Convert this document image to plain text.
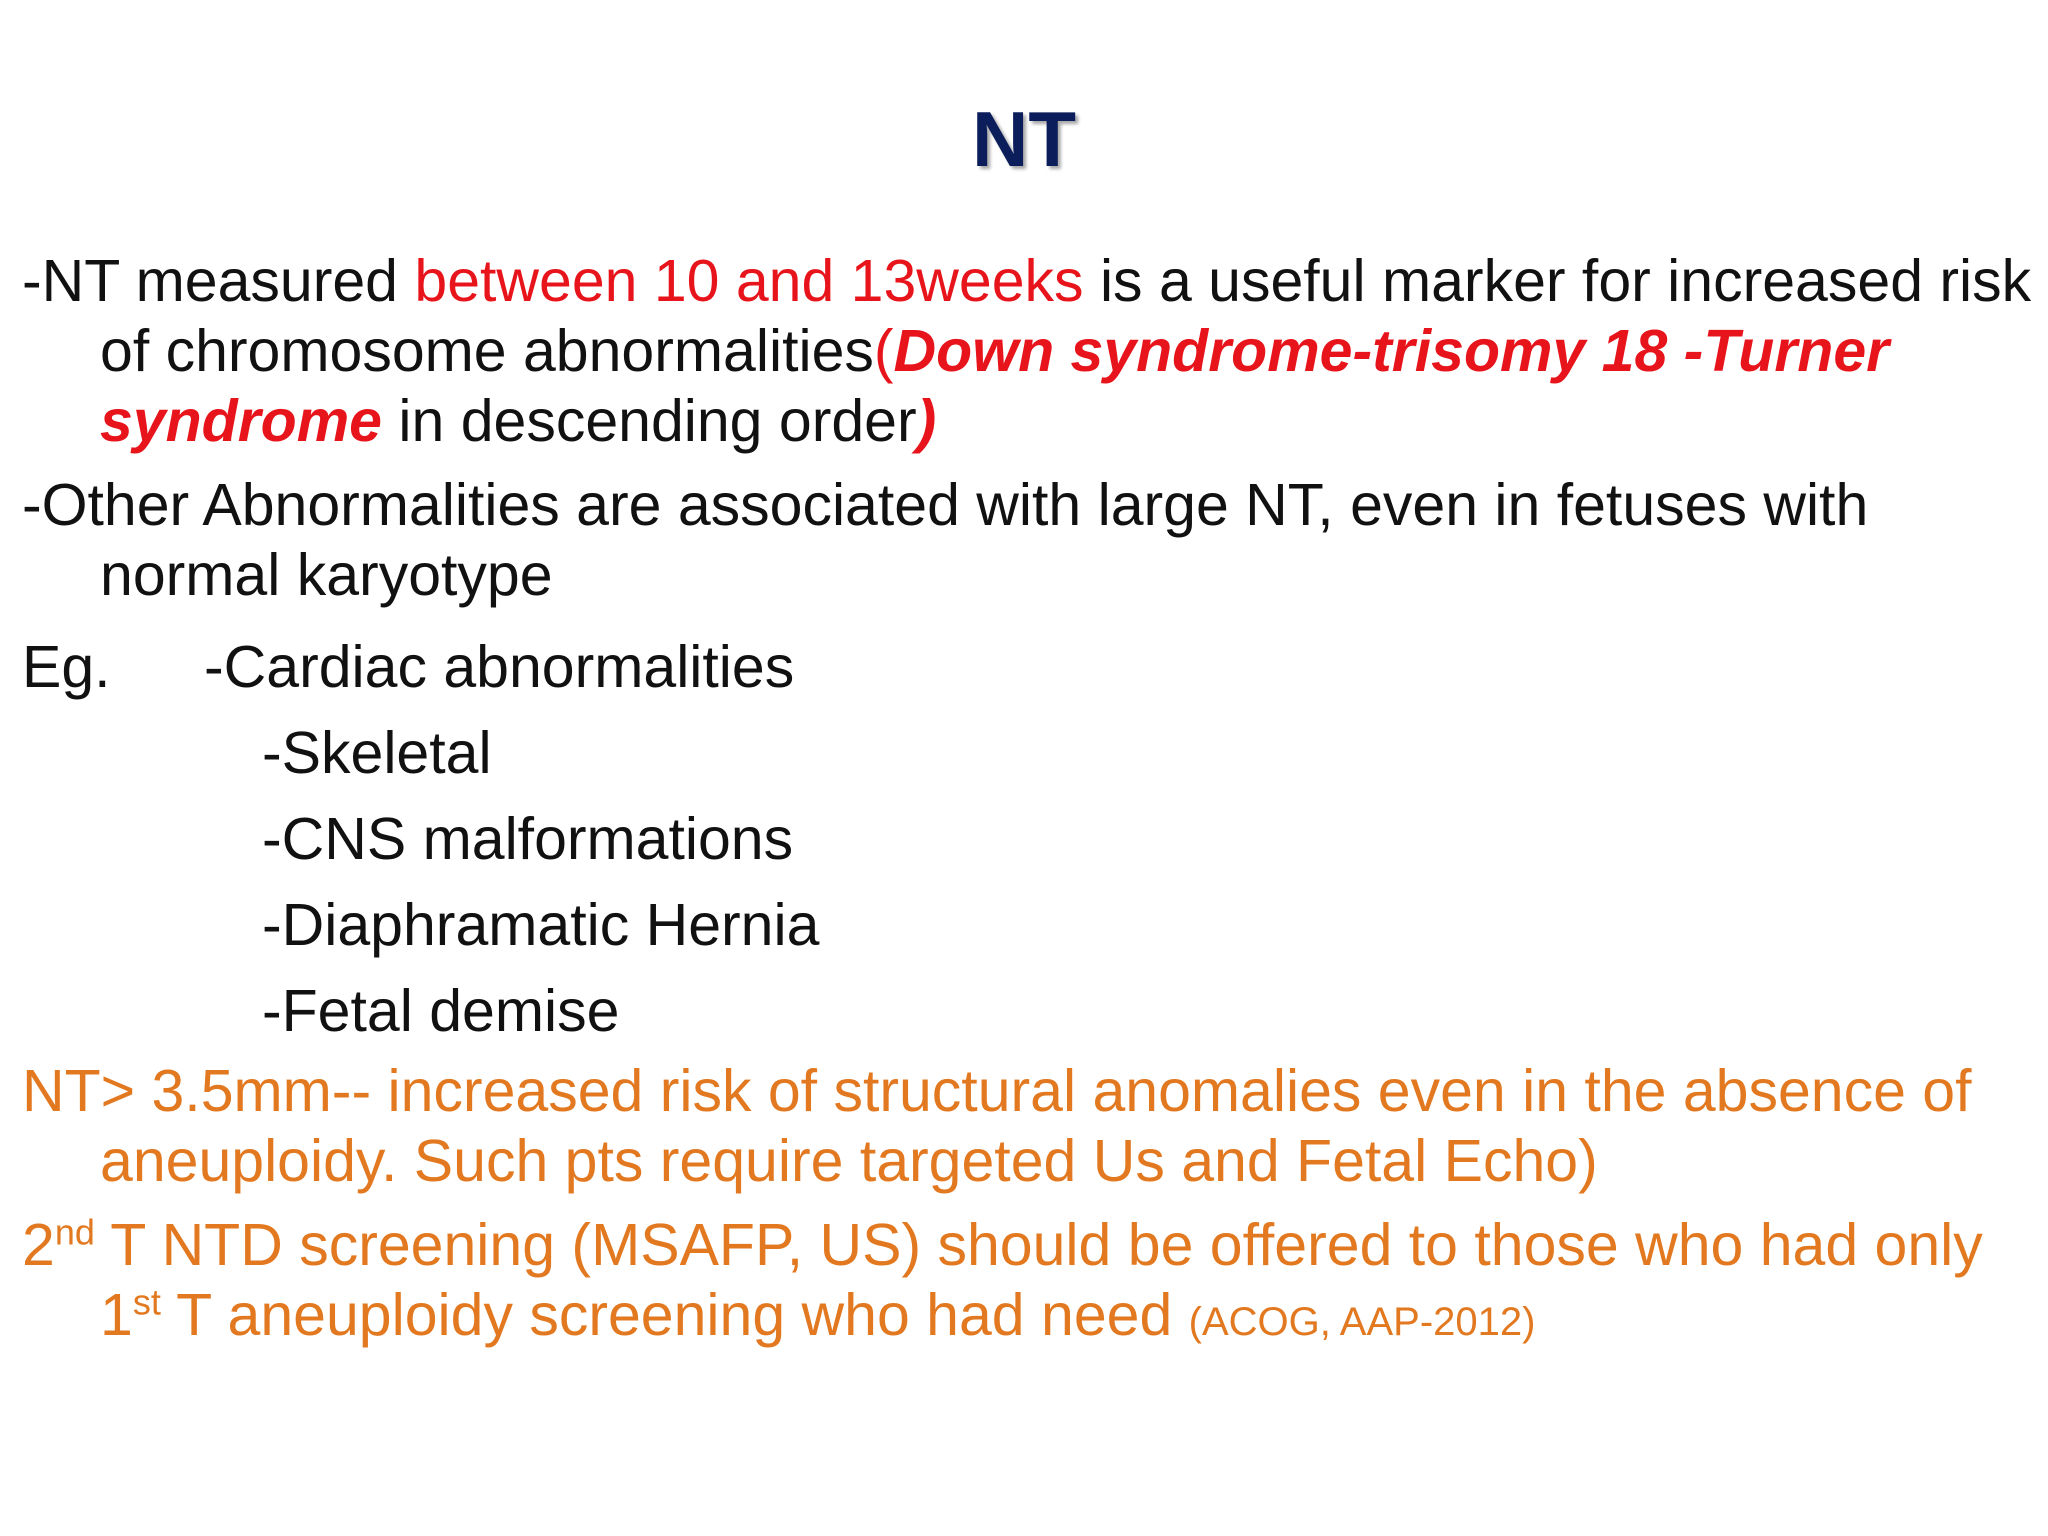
NT
-NT measured between 10 and 13weeks is a useful marker for increased risk of chromosome abnormalities(Down syndrome-trisomy 18 -Turner syndrome in descending order)
-Other Abnormalities are associated with large NT, even in fetuses with normal karyotype
Eg. -Cardiac abnormalities
-Skeletal
-CNS malformations
-Diaphramatic Hernia
-Fetal demise
NT> 3.5mm-- increased risk of structural anomalies even in the absence of aneuploidy. Such pts require targeted Us and Fetal Echo)
2nd T NTD screening (MSAFP, US) should be offered to those who had only 1st T aneuploidy screening who had need (ACOG, AAP-2012)
